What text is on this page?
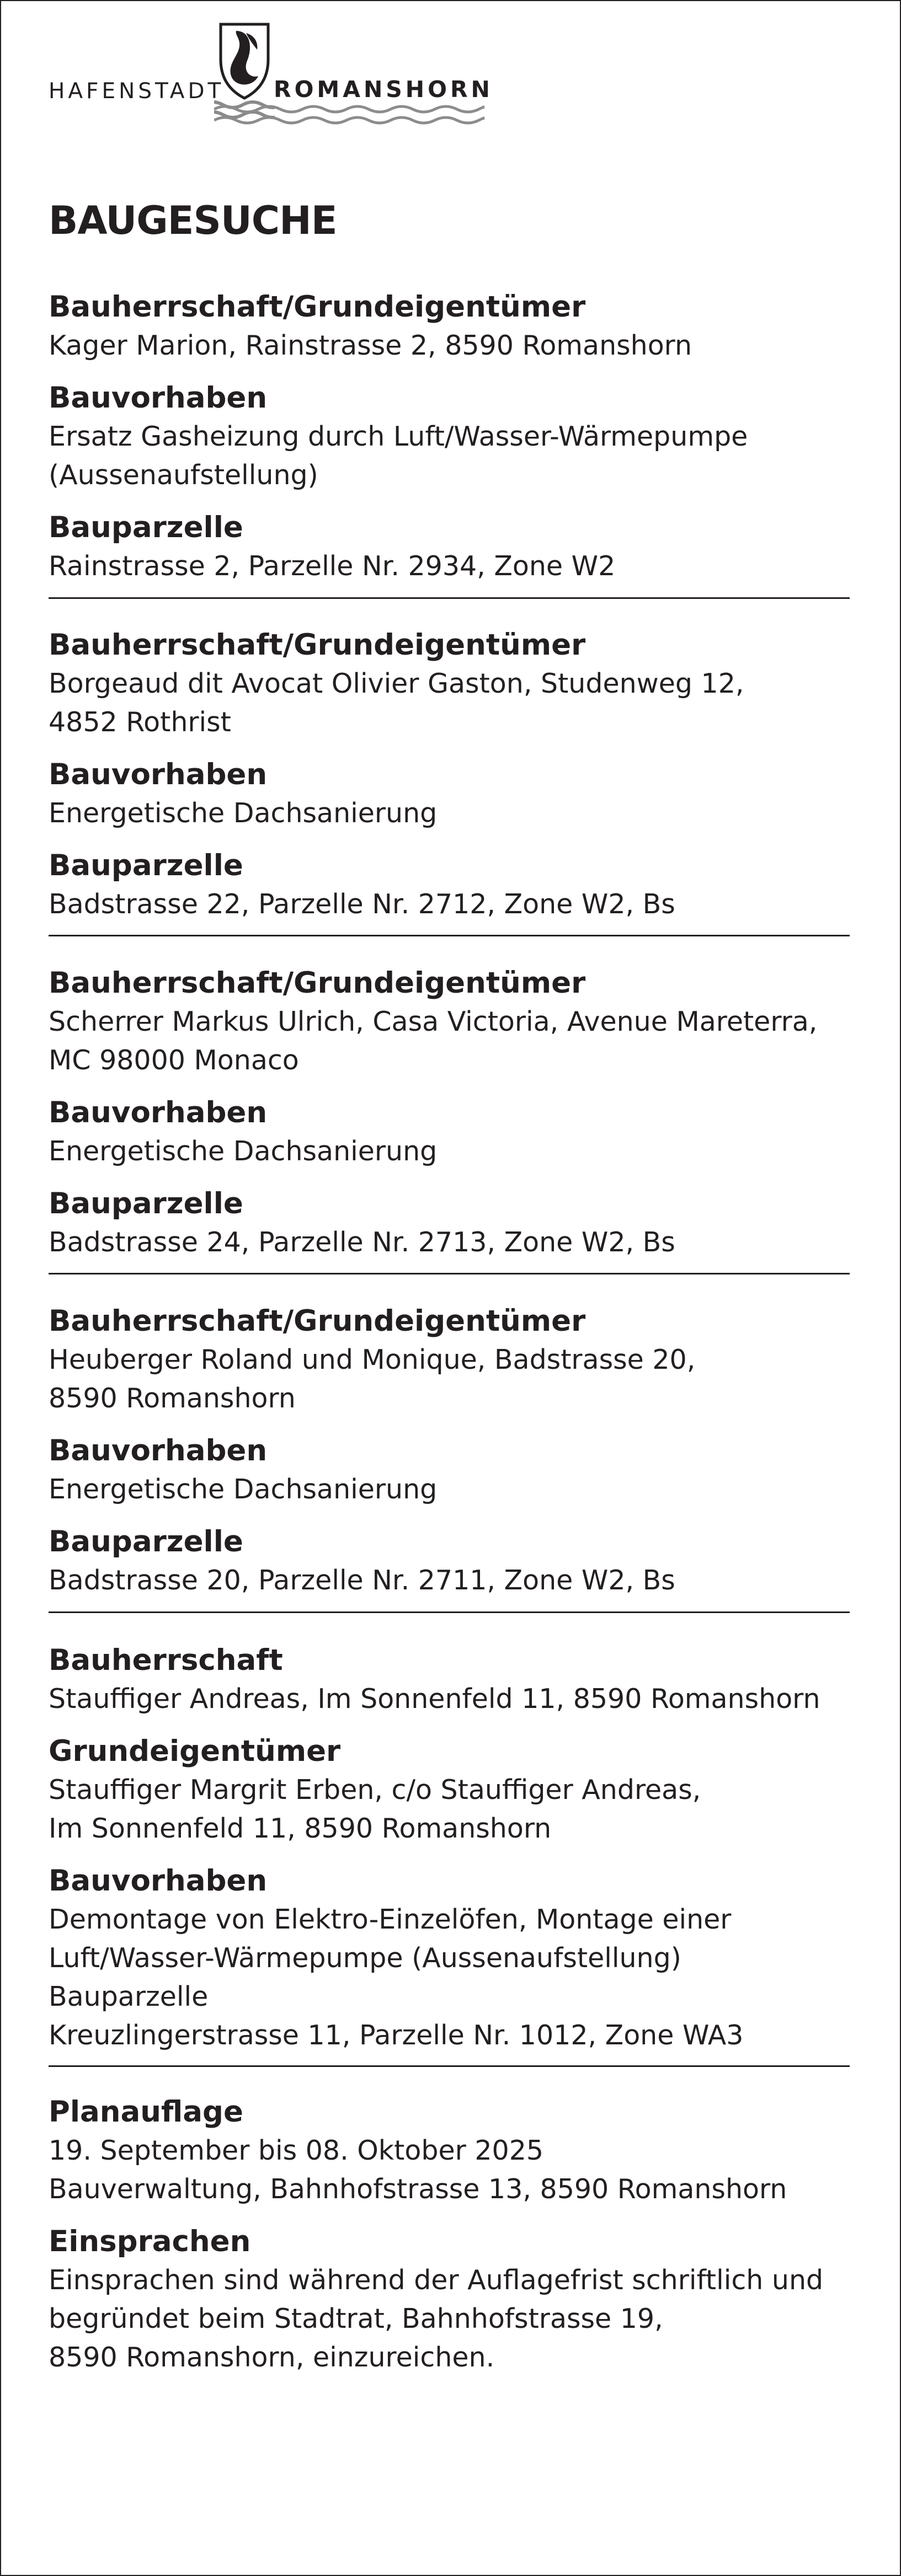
HAFENSTADT ROMANSHORN
BAUGESUCHE
Bauherrschaft/Grundeigentümer
Kager Marion, Rainstrasse 2, 8590 Romanshorn
Bauvorhaben
Ersatz Gasheizung durch Luft/Wasser-Wärmepumpe
(Aussenaufstellung)
Bauparzelle
Rainstrasse 2, Parzelle Nr. 2934, Zone W2
Bauherrschaft/Grundeigentümer
Borgeaud dit Avocat Olivier Gaston, Studenweg 12,
4852 Rothrist
Bauvorhaben
Energetische Dachsanierung
Bauparzelle
Badstrasse 22, Parzelle Nr. 2712, Zone W2, Bs
Bauherrschaft/Grundeigentümer
Scherrer Markus Ulrich, Casa Victoria, Avenue Mareterra,
MC 98000 Monaco
Bauvorhaben
Energetische Dachsanierung
Bauparzelle
Badstrasse 24, Parzelle Nr. 2713, Zone W2, Bs
Bauherrschaft/Grundeigentümer
Heuberger Roland und Monique, Badstrasse 20,
8590 Romanshorn
Bauvorhaben
Energetische Dachsanierung
Bauparzelle
Badstrasse 20, Parzelle Nr. 2711, Zone W2, Bs
Bauherrschaft
Stauffiger Andreas, Im Sonnenfeld 11, 8590 Romanshorn
Grundeigentümer
Stauffiger Margrit Erben, c/o Stauffiger Andreas,
Im Sonnenfeld 11, 8590 Romanshorn
Bauvorhaben
Demontage von Elektro-Einzelöfen, Montage einer
Luft/Wasser-Wärmepumpe (Aussenaufstellung)
Bauparzelle
Kreuzlingerstrasse 11, Parzelle Nr. 1012, Zone WA3
Planauflage
19. September bis 08. Oktober 2025
Bauverwaltung, Bahnhofstrasse 13, 8590 Romanshorn
Einsprachen
Einsprachen sind während der Auflagefrist schriftlich und
begründet beim Stadtrat, Bahnhofstrasse 19,
8590 Romanshorn, einzureichen.
